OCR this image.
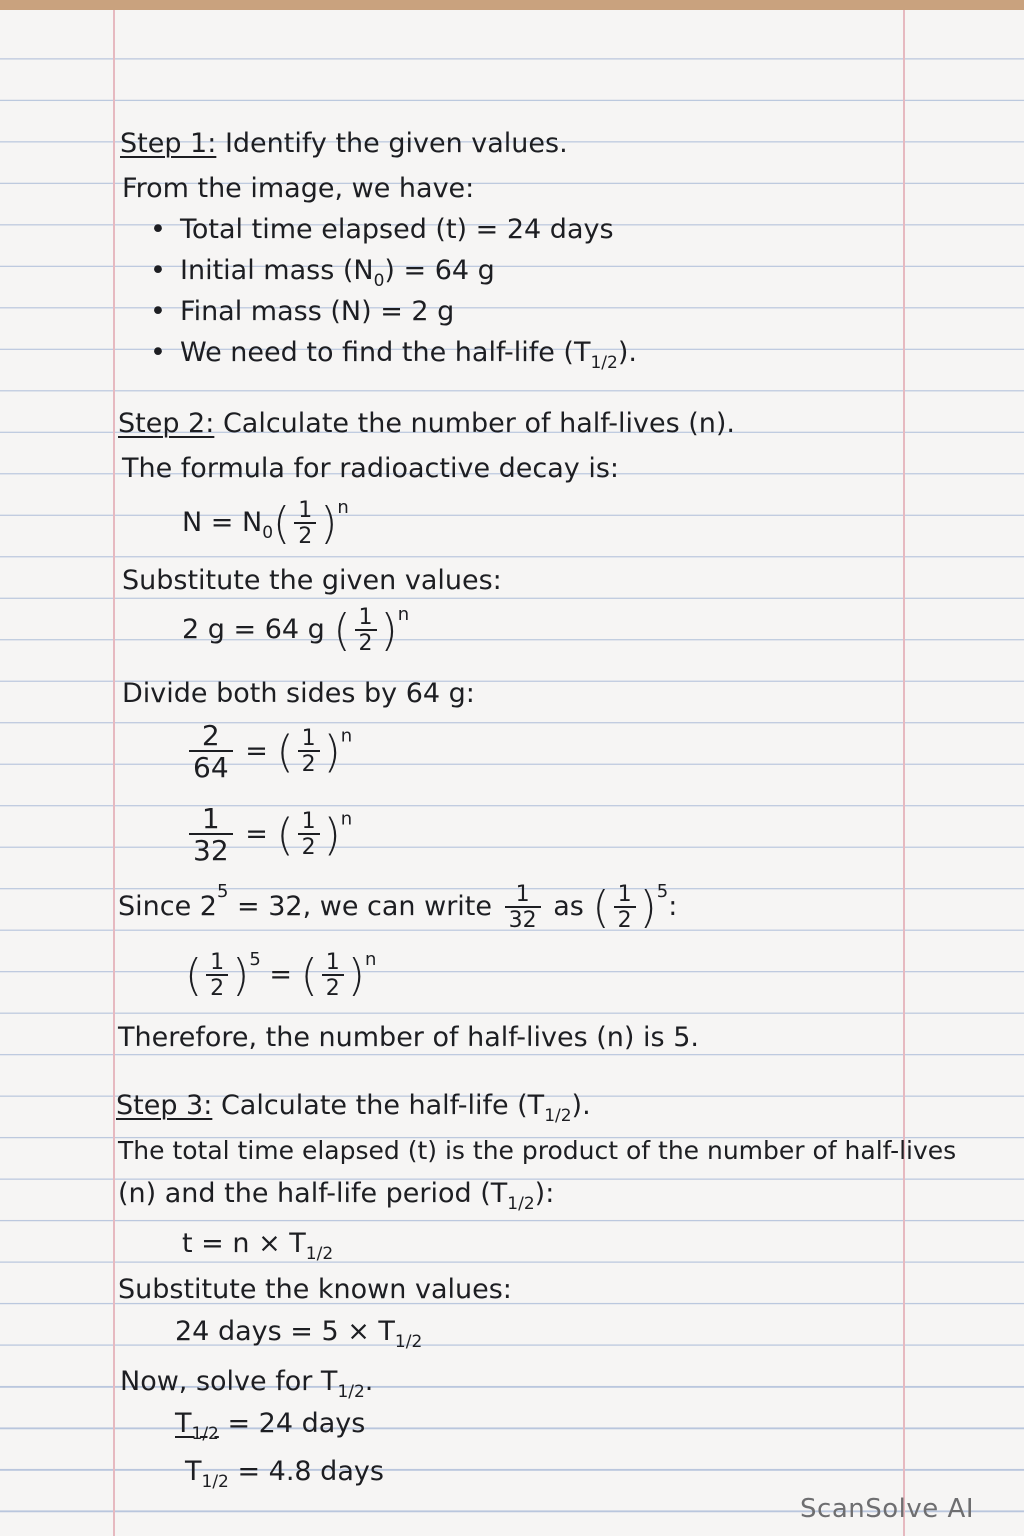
Step 1: Identify the given values.
From the image, we have:
• Total time elapsed (t) = 24 days
• Initial mass $(N_0) = 64$ g
• Final mass (N) = 2 g
• We need to find the half-life $(T_{1/2})$.
Step 2: Calculate the number of half-lives (n).
The formula for radioactive decay is:
$N = N_0( \frac{1}{2} )^n$
Substitute the given values:
2 g = 64 g ( $\frac{1}{2} )^n$
Divide both sides by 64 g:
$\frac{2}{64}$ = ( $\frac{1}{2} )^n$
$\frac{1}{32}$ = ( $\frac{1}{2} )^n$
Since $2^5 = 32$, we can write $\frac{1}{32}$ as ( $\frac{1}{2} )^5$:
( $\frac{1}{2} )^5$ = ( $\frac{1}{2} )^n$
Therefore, the number of half-lives (n) is 5.
Step 3: Calculate the half-life $(T_{1/2})$.
The total time elapsed (t) is the product of the number of half-lives
(n) and the half-life period $(T_{1/2})$:
$t = n \times T_{1/2}$
Substitute the known values:
24 days = $5 \times T_{1/2}$
Now, solve for $T_{1/2}$.
$T_{1/2} = 24$ days
$T_{1/2} = 4.8$ days
ScanSolve AI
